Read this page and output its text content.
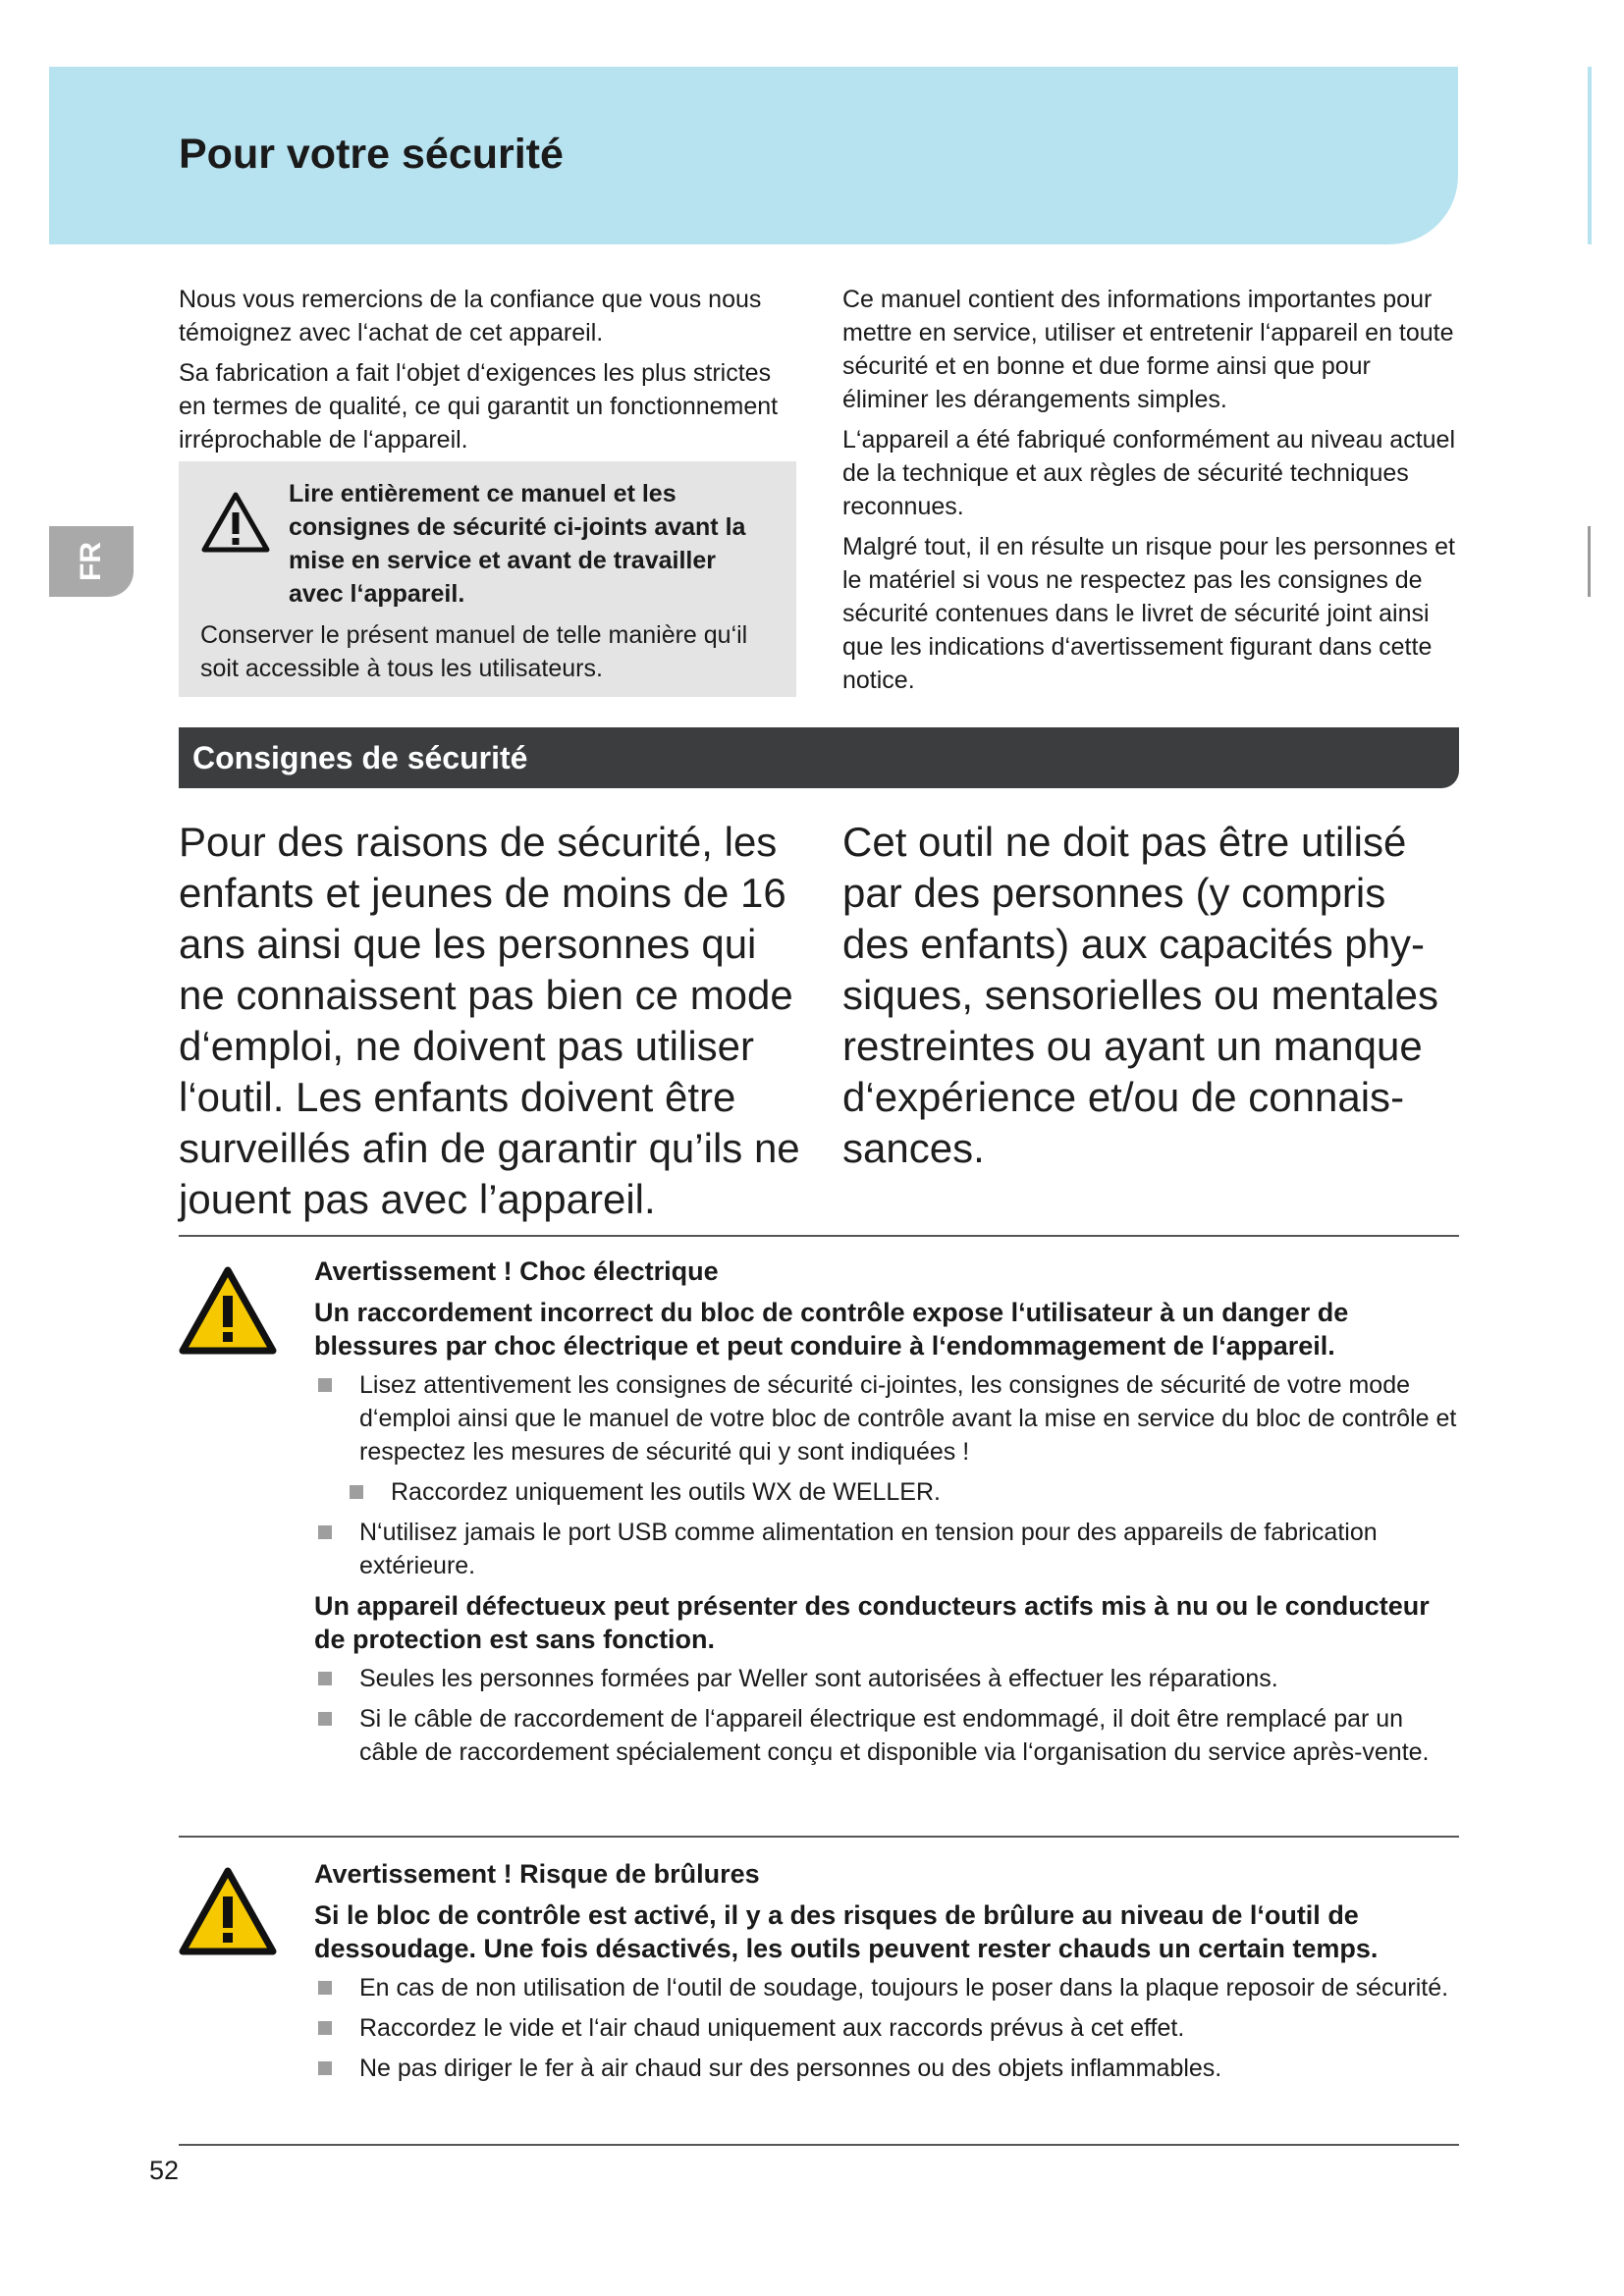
Pour votre sécurité
FR

Nous vous remercions de la confiance que vous nous témoignez avec l‘achat de cet appareil.

Sa fabrication a fait l‘objet d‘exigences les plus strictes en termes de qualité, ce qui garantit un fonctionnement irréprochable de l‘appareil.

Lire entièrement ce manuel et les consignes de sécurité ci-joints avant la mise en service et avant de travailler avec l‘appareil.
Conserver le présent manuel de telle manière qu‘il soit accessible à tous les utilisateurs.

Ce manuel contient des informations importantes pour mettre en service, utiliser et entretenir l‘appareil en toute sécurité et en bonne et due forme ainsi que pour éliminer les dérangements simples.

L‘appareil a été fabriqué conformément au niveau actuel de la technique et aux règles de sécurité techniques reconnues.

Malgré tout, il en résulte un risque pour les personnes et le matériel si vous ne respectez pas les consignes de sécurité contenues dans le livret de sécurité joint ainsi que les indications d‘avertissement figurant dans cette notice.

Consignes de sécurité

Pour des raisons de sécurité, les enfants et jeunes de moins de 16 ans ainsi que les personnes qui ne connaissent pas bien ce mode d‘emploi, ne doivent pas utiliser l‘outil. Les enfants doivent être surveillés afin de garantir qu’ils ne jouent pas avec l’appareil.

Cet outil ne doit pas être utilisé par des personnes (y compris des enfants) aux capacités physiques, sensorielles ou mentales restreintes ou ayant un manque d‘expérience et/ou de connaissances.

Avertissement ! Choc électrique

Un raccordement incorrect du bloc de contrôle expose l‘utilisateur à un danger de blessures par choc électrique et peut conduire à l‘endommagement de l‘appareil.

Lisez attentivement les consignes de sécurité ci-jointes, les consignes de sécurité de votre mode d‘emploi ainsi que le manuel de votre bloc de contrôle avant la mise en service du bloc de contrôle et respectez les mesures de sécurité qui y sont indiquées !
Raccordez uniquement les outils WX de WELLER.
N‘utilisez jamais le port USB comme alimentation en tension pour des appareils de fabrication extérieure.

Un appareil défectueux peut présenter des conducteurs actifs mis à nu ou le conducteur de protection est sans fonction.

Seules les personnes formées par Weller sont autorisées à effectuer les réparations.
Si le câble de raccordement de l‘appareil électrique est endommagé, il doit être remplacé par un câble de raccordement spécialement conçu et disponible via l‘organisation du service après-vente.

Avertissement ! Risque de brûlures

Si le bloc de contrôle est activé, il y a des risques de brûlure au niveau de l‘outil de dessoudage. Une fois désactivés, les outils peuvent rester chauds un certain temps.

En cas de non utilisation de l‘outil de soudage, toujours le poser dans la plaque reposoir de sécurité.
Raccordez le vide et l‘air chaud uniquement aux raccords prévus à cet effet.
Ne pas diriger le fer à air chaud sur des personnes ou des objets inflammables.
52
